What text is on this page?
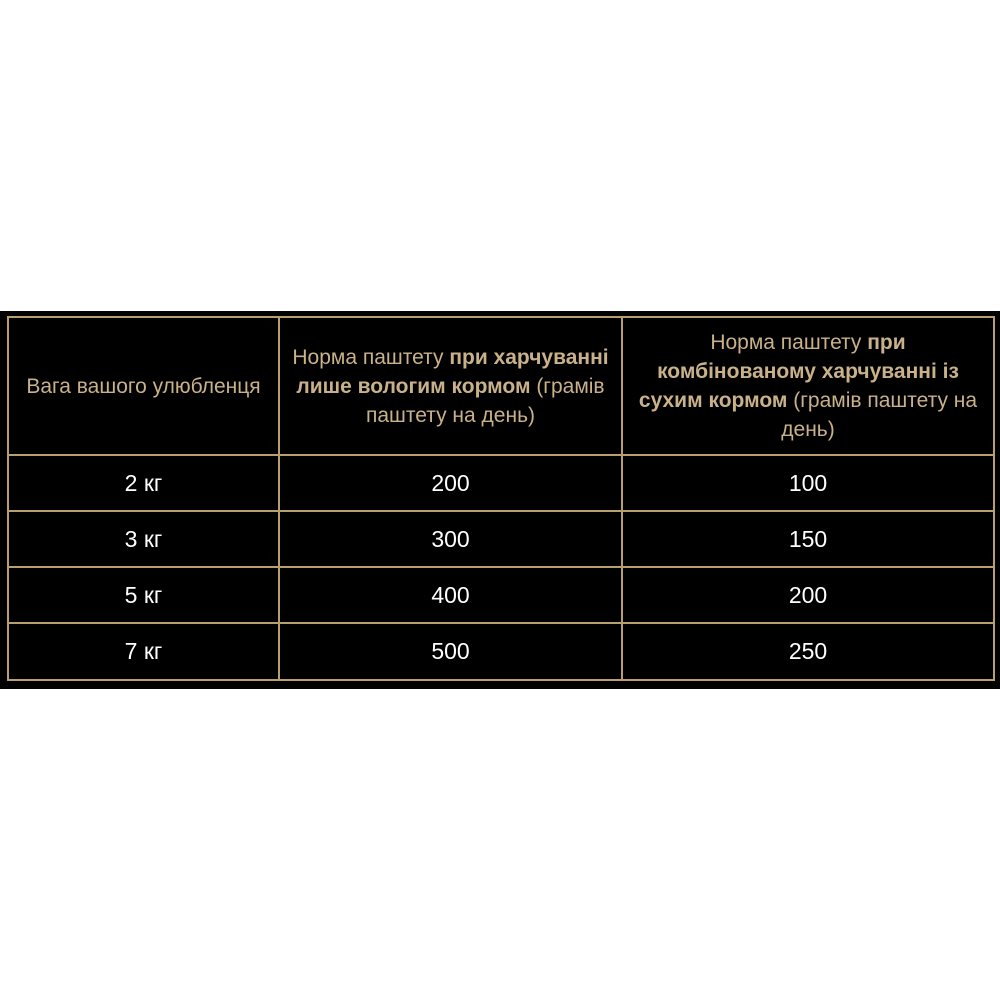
Вага вашого улюбленця	Норма паштету при харчуванні лише вологим кормом (грамів паштету на день)	Норма паштету при комбінованому харчуванні із сухим кормом (грамів паштету на день)
2 кг	200	100
3 кг	300	150
5 кг	400	200
7 кг	500	250
